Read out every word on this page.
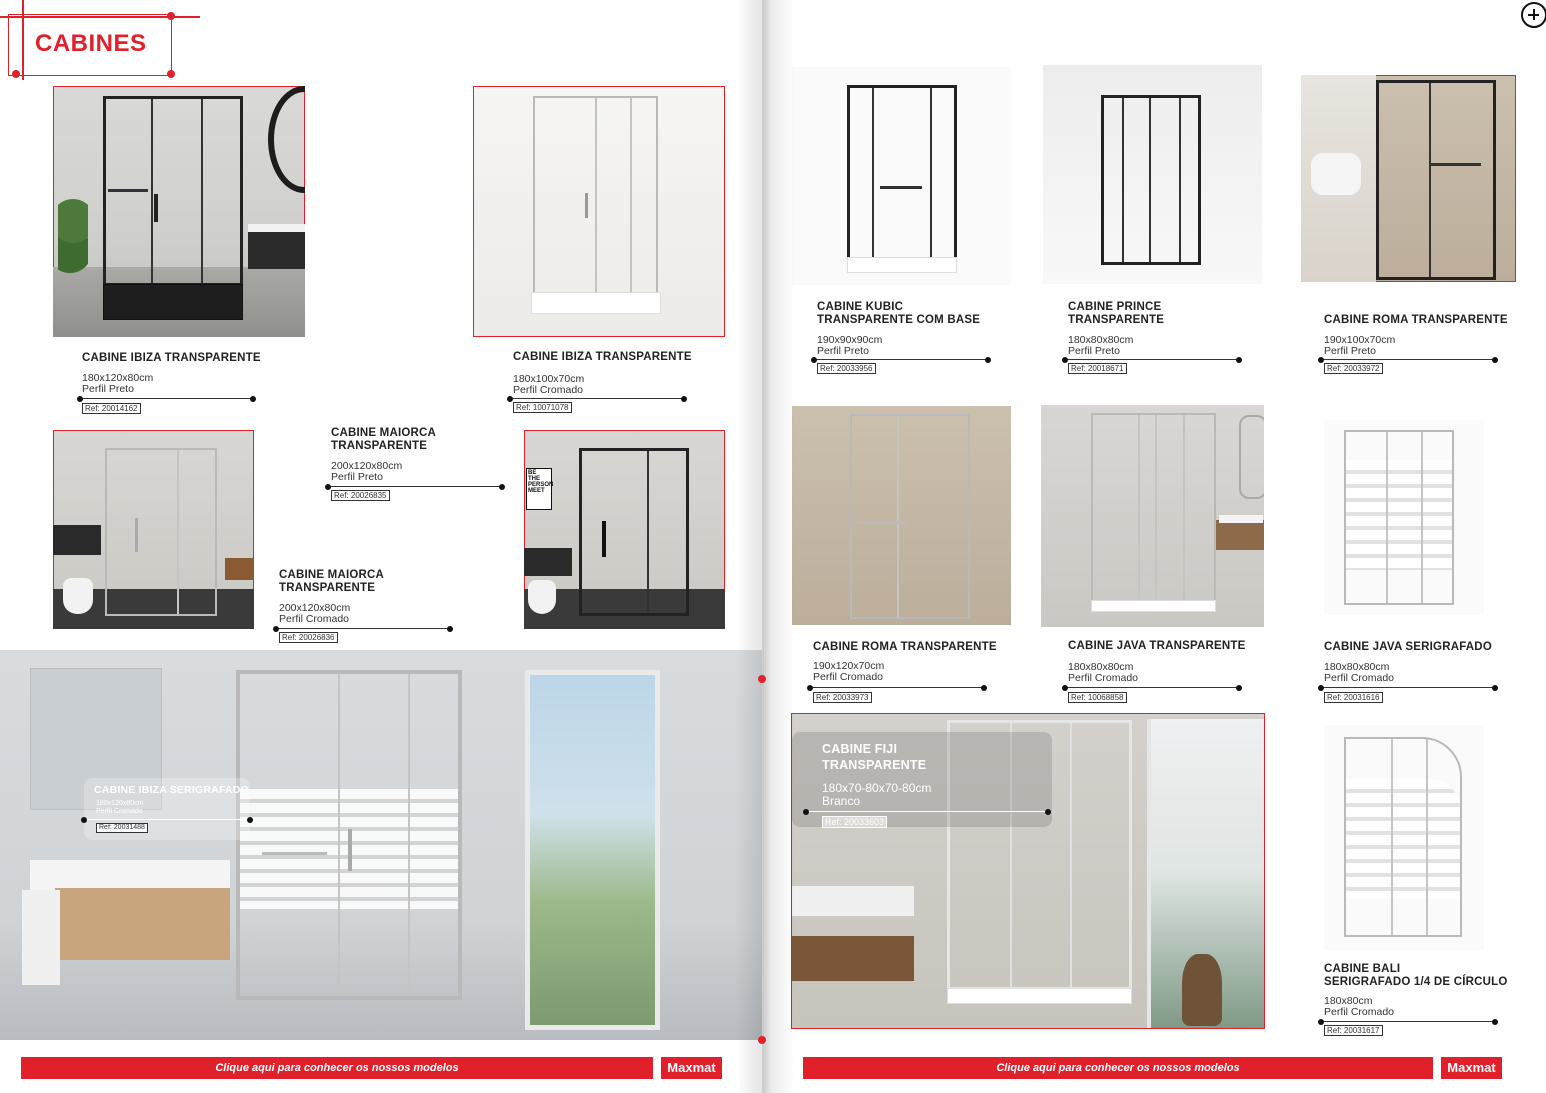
CABINES
CABINE IBIZA TRANSPARENTE
180x120x80cm
Perfil Preto
Ref: 20014162
CABINE IBIZA TRANSPARENTE
180x100x70cm
Perfil Cromado
Ref: 10071078
CABINE MAIORCA
TRANSPARENTE
200x120x80cm
Perfil Preto
Ref: 20026835
CABINE MAIORCA
TRANSPARENTE
200x120x80cm
Perfil Cromado
Ref: 20026836
BE
THE
PERSON
MEET
CABINE IBIZA SERIGRAFADO
180x120x80cm
Perfil Cromado
Ref: 20031488
Clique aqui para conhecer os nossos modelos	Maxmat
CABINE KUBIC
TRANSPARENTE COM BASE
190x90x90cm
Perfil Preto
Ref: 20033956
CABINE PRINCE
TRANSPARENTE
180x80x80cm
Perfil Preto
Ref: 20018671
CABINE ROMA TRANSPARENTE
190x100x70cm
Perfil Preto
Ref: 20033972
CABINE ROMA TRANSPARENTE
190x120x70cm
Perfil Cromado
Ref: 20033973
CABINE JAVA TRANSPARENTE
180x80x80cm
Perfil Cromado
Ref: 10068858
CABINE JAVA SERIGRAFADO
180x80x80cm
Perfil Cromado
Ref: 20031616
CABINE FIJI
TRANSPARENTE
180x70-80x70-80cm
Branco
Ref: 20033603
CABINE BALI
SERIGRAFADO 1/4 DE CÍRCULO
180x80cm
Perfil Cromado
Ref: 20031617
Clique aqui para conhecer os nossos modelos	Maxmat
